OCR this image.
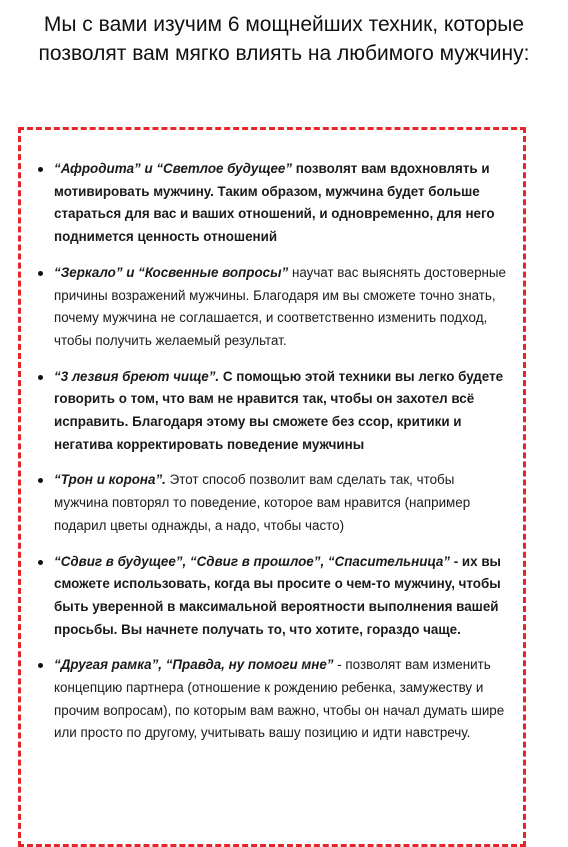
Мы с вами изучим 6 мощнейших техник, которые позволят вам мягко влиять на любимого мужчину:
“Афродита” и “Светлое будущее” позволят вам вдохновлять и мотивировать мужчину. Таким образом, мужчина будет больше стараться для вас и ваших отношений, и одновременно, для него поднимется ценность отношений
“Зеркало” и “Косвенные вопросы” научат вас выяснять достоверные причины возражений мужчины. Благодаря им вы сможете точно знать, почему мужчина не соглашается, и соответственно изменить подход, чтобы получить желаемый результат.
“3 лезвия бреют чище”. С помощью этой техники вы легко будете говорить о том, что вам не нравится так, чтобы он захотел всё исправить. Благодаря этому вы сможете без ссор, критики и негатива корректировать поведение мужчины
“Трон и корона”. Этот способ позволит вам сделать так, чтобы мужчина повторял то поведение, которое вам нравится (например подарил цветы однажды, а надо, чтобы часто)
“Сдвиг в будущее”, “Сдвиг в прошлое”, “Спасительница” - их вы сможете использовать, когда вы просите о чем-то мужчину, чтобы быть уверенной в максимальной вероятности выполнения вашей просьбы. Вы начнете получать то, что хотите, гораздо чаще.
“Другая рамка”, “Правда, ну помоги мне” - позволят вам изменить концепцию партнера (отношение к рождению ребенка, замужеству и прочим вопросам), по которым вам важно, чтобы он начал думать шире или просто по другому, учитывать вашу позицию и идти навстречу.
